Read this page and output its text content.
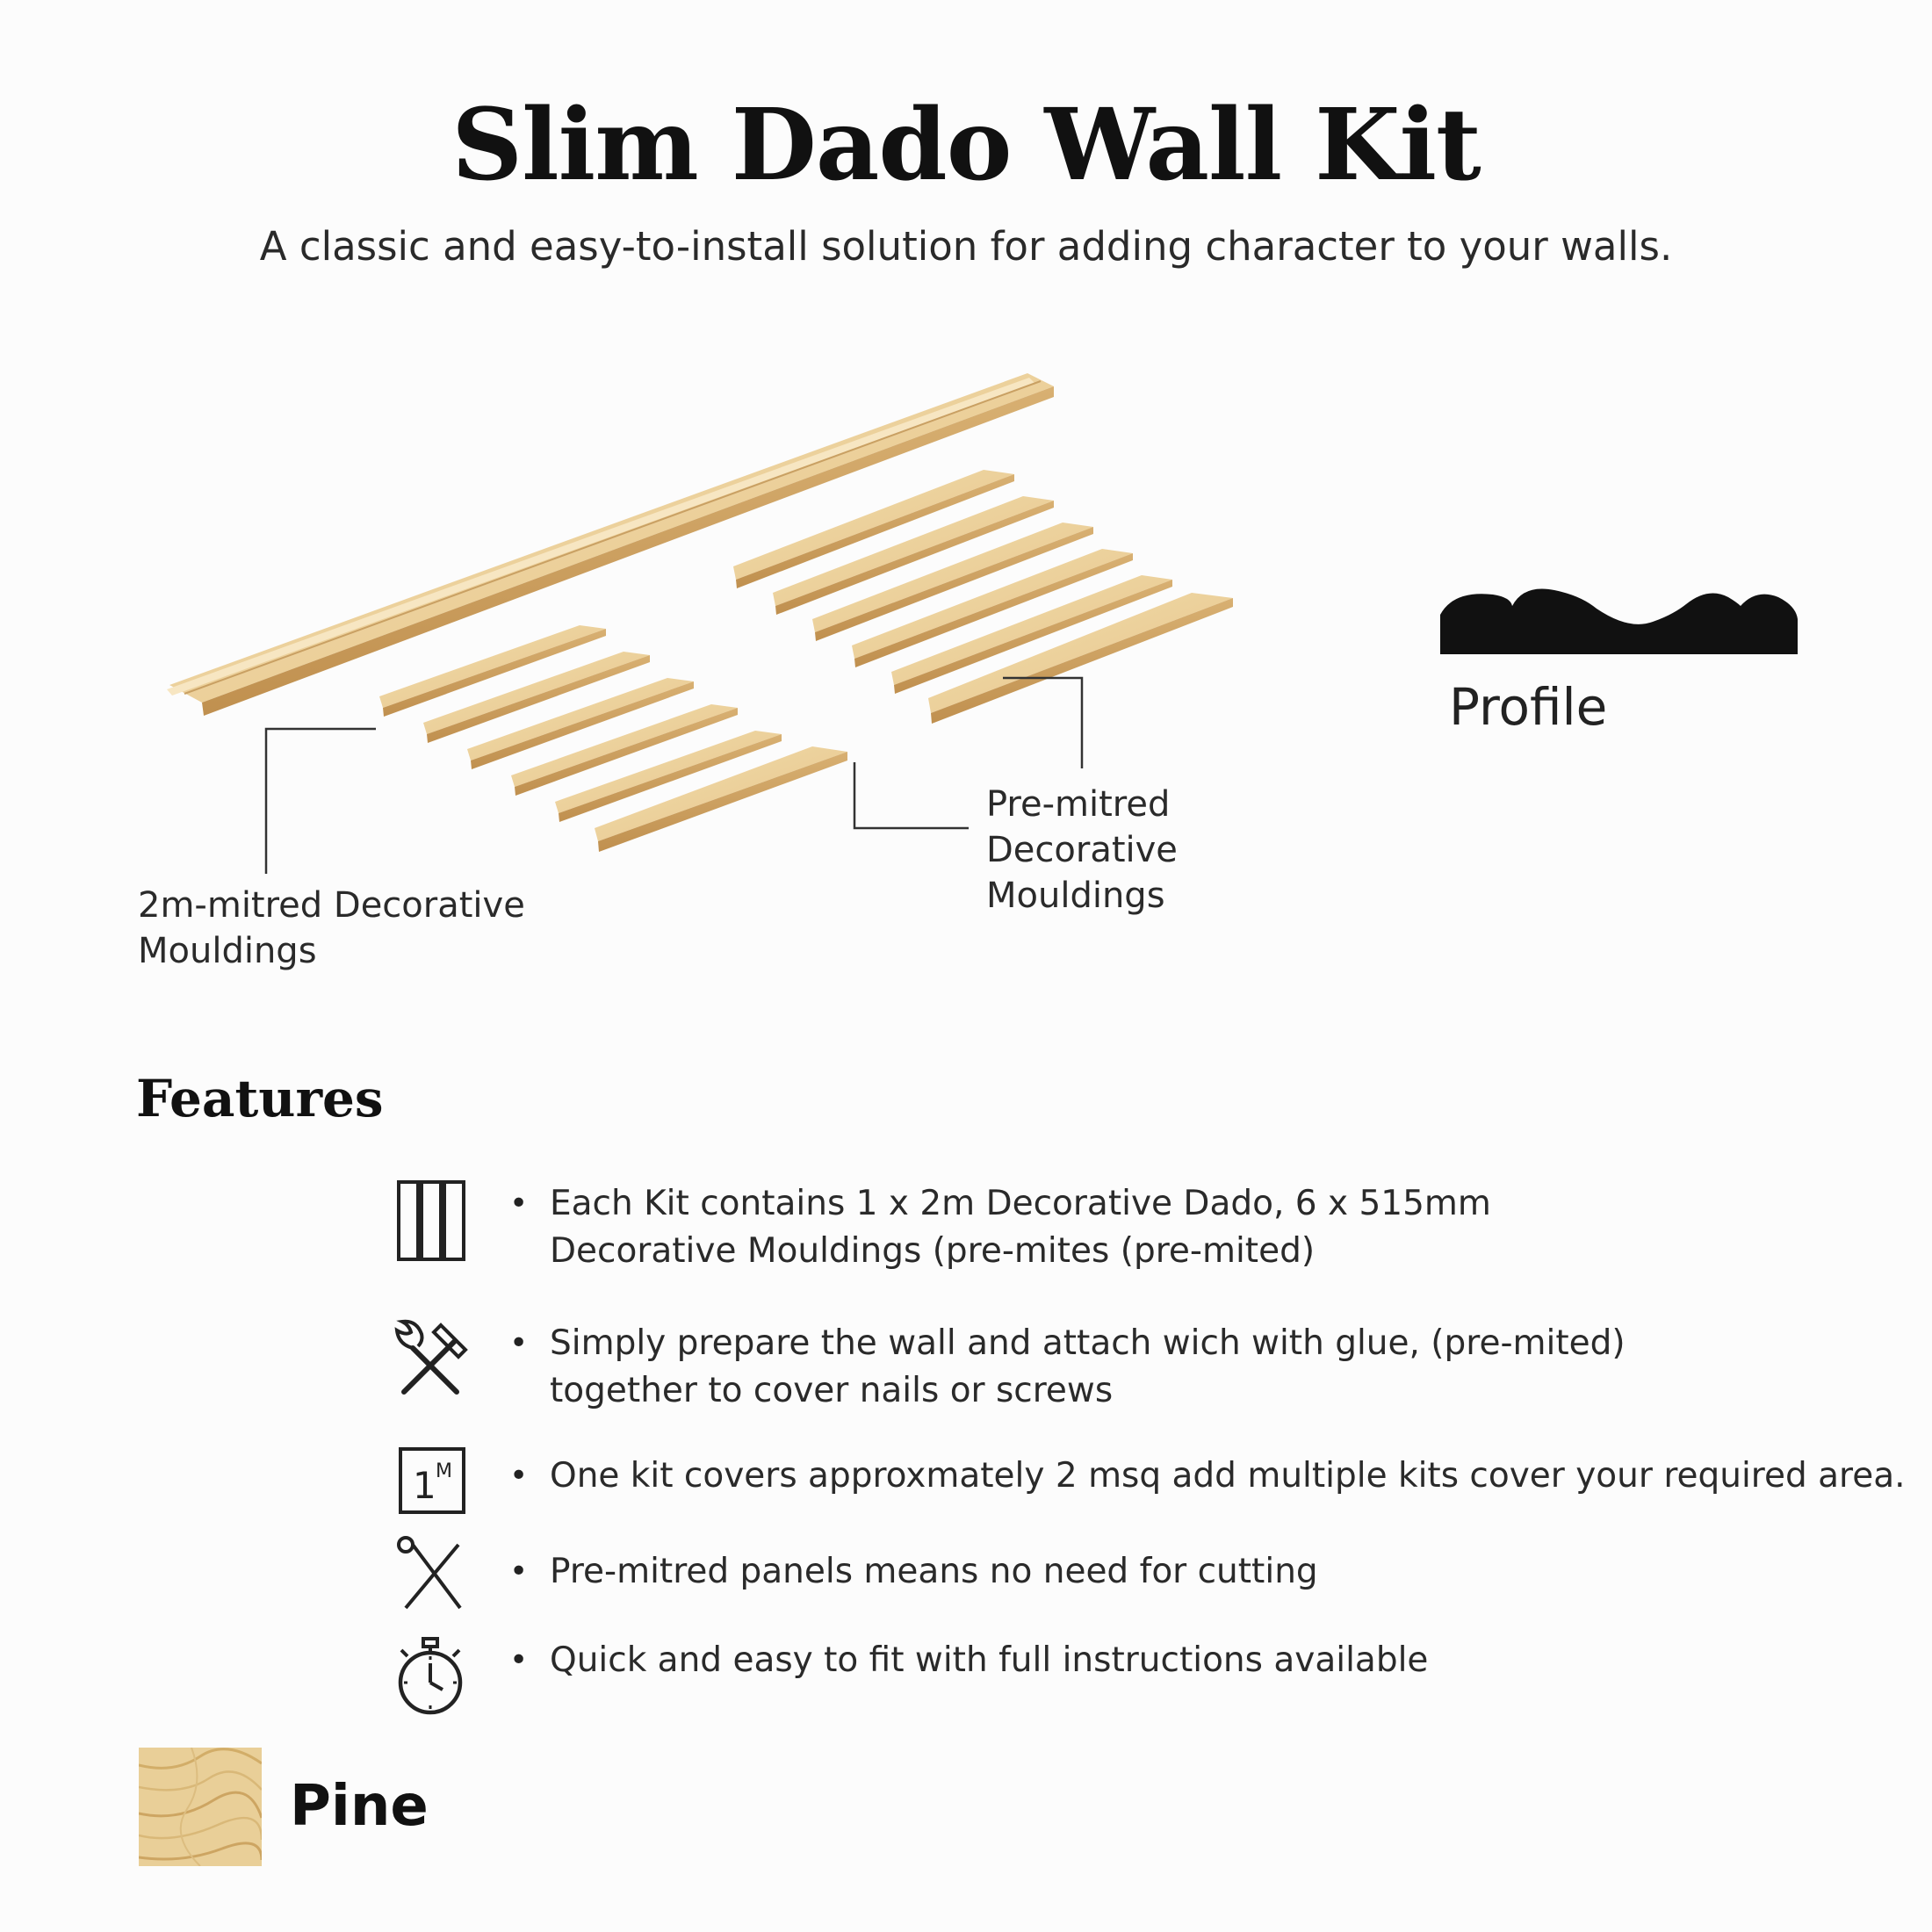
Slim Dado Wall Kit
A classic and easy-to-install solution for adding character to your walls.

2m-mitred Decorative
Mouldings

Pre-mitred
Decorative
Mouldings

Profile
Features
• Each Kit contains 1 x 2m Decorative Dado, 6 x 515mm
Decorative Mouldings (pre-mites (pre-mited)

• Simply prepare the wall and attach wich with glue, (pre-mited)
together to cover nails or screws

1 M • One kit covers approxmately 2 msq add multiple kits cover your required area.

• Pre-mitred panels means no need for cutting

• Quick and easy to fit with full instructions available

Pine
